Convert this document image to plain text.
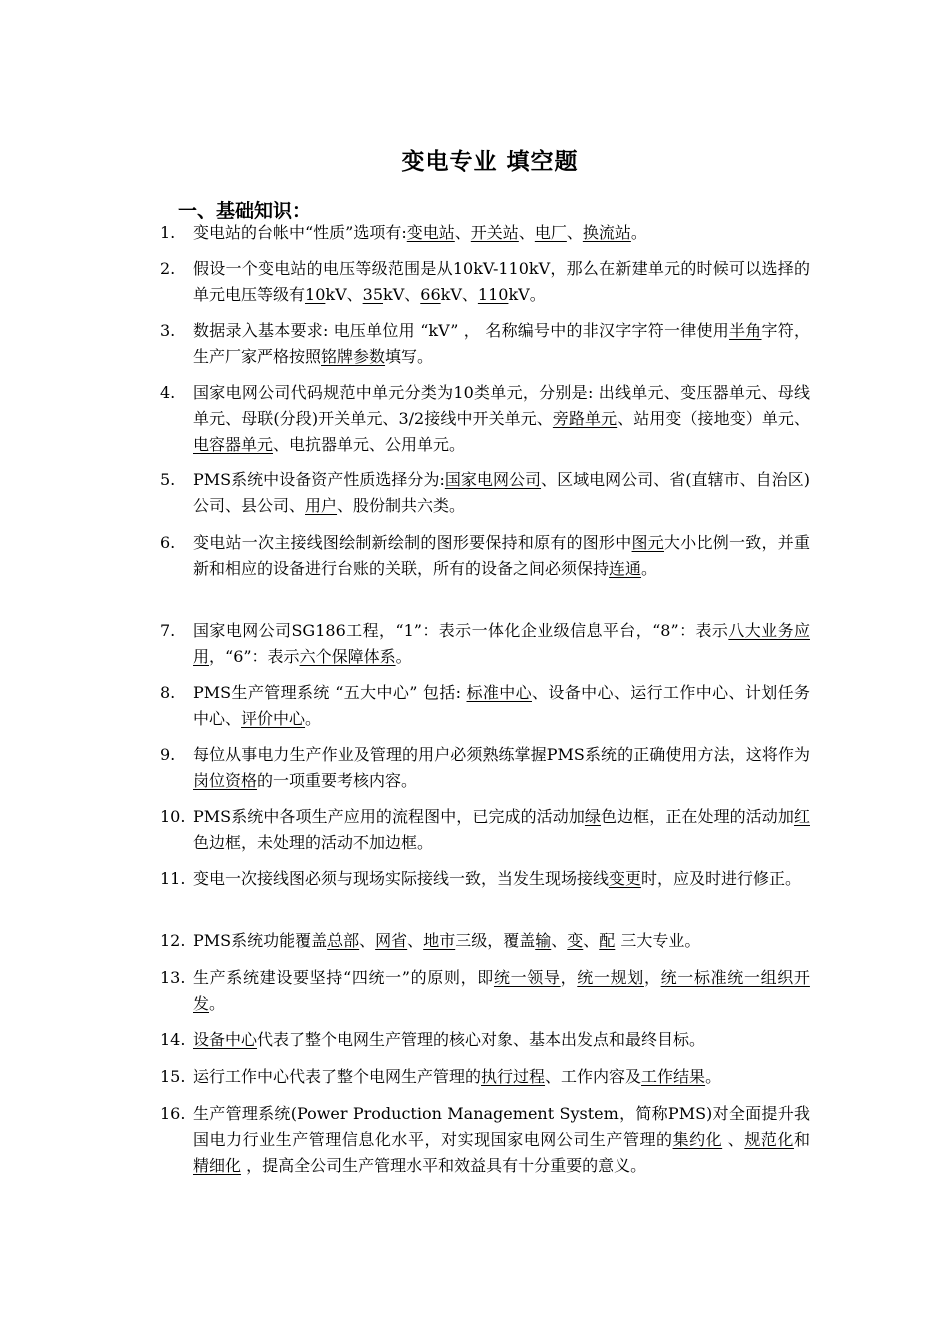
变电专业 填空题
一、基础知识：
1. 变电站的台帐中“性质”选项有:变电站、开关站、电厂、换流站。
2. 假设一个变电站的电压等级范围是从10kV-110kV，那么在新建单元的时候可以选择的单元电压等级有10kV、35kV、66kV、110kV。
3. 数据录入基本要求: 电压单位用 “kV” ， 名称编号中的非汉字字符一律使用半角字符，生产厂家严格按照铭牌参数填写。
4. 国家电网公司代码规范中单元分类为10类单元，分别是: 出线单元、变压器单元、母线单元、母联(分段)开关单元、3/2接线中开关单元、旁路单元、站用变（接地变）单元、电容器单元、电抗器单元、公用单元。
5. PMS系统中设备资产性质选择分为:国家电网公司、区域电网公司、省(直辖市、自治区)公司、县公司、用户、股份制共六类。
6. 变电站一次主接线图绘制新绘制的图形要保持和原有的图形中图元大小比例一致，并重新和相应的设备进行台账的关联，所有的设备之间必须保持连通。
7. 国家电网公司SG186工程，“1”：表示一体化企业级信息平台，“8”：表示八大业务应用，“6”：表示六个保障体系。
8. PMS生产管理系统 “五大中心” 包括: 标准中心、设备中心、运行工作中心、计划任务中心、评价中心。
9. 每位从事电力生产作业及管理的用户必须熟练掌握PMS系统的正确使用方法，这将作为岗位资格的一项重要考核内容。
10. PMS系统中各项生产应用的流程图中，已完成的活动加绿色边框，正在处理的活动加红色边框，未处理的活动不加边框。
11. 变电一次接线图必须与现场实际接线一致，当发生现场接线变更时，应及时进行修正。
12. PMS系统功能覆盖总部、网省、地市三级，覆盖输、变、配 三大专业。
13. 生产系统建设要坚持“四统一”的原则，即统一领导，统一规划，统一标准统一组织开发。
14. 设备中心代表了整个电网生产管理的核心对象、基本出发点和最终目标。
15. 运行工作中心代表了整个电网生产管理的执行过程、工作内容及工作结果。
16. 生产管理系统(Power Production Management System，简称PMS)对全面提升我国电力行业生产管理信息化水平，对实现国家电网公司生产管理的集约化 、规范化和 精细化 ，提高全公司生产管理水平和效益具有十分重要的意义。
